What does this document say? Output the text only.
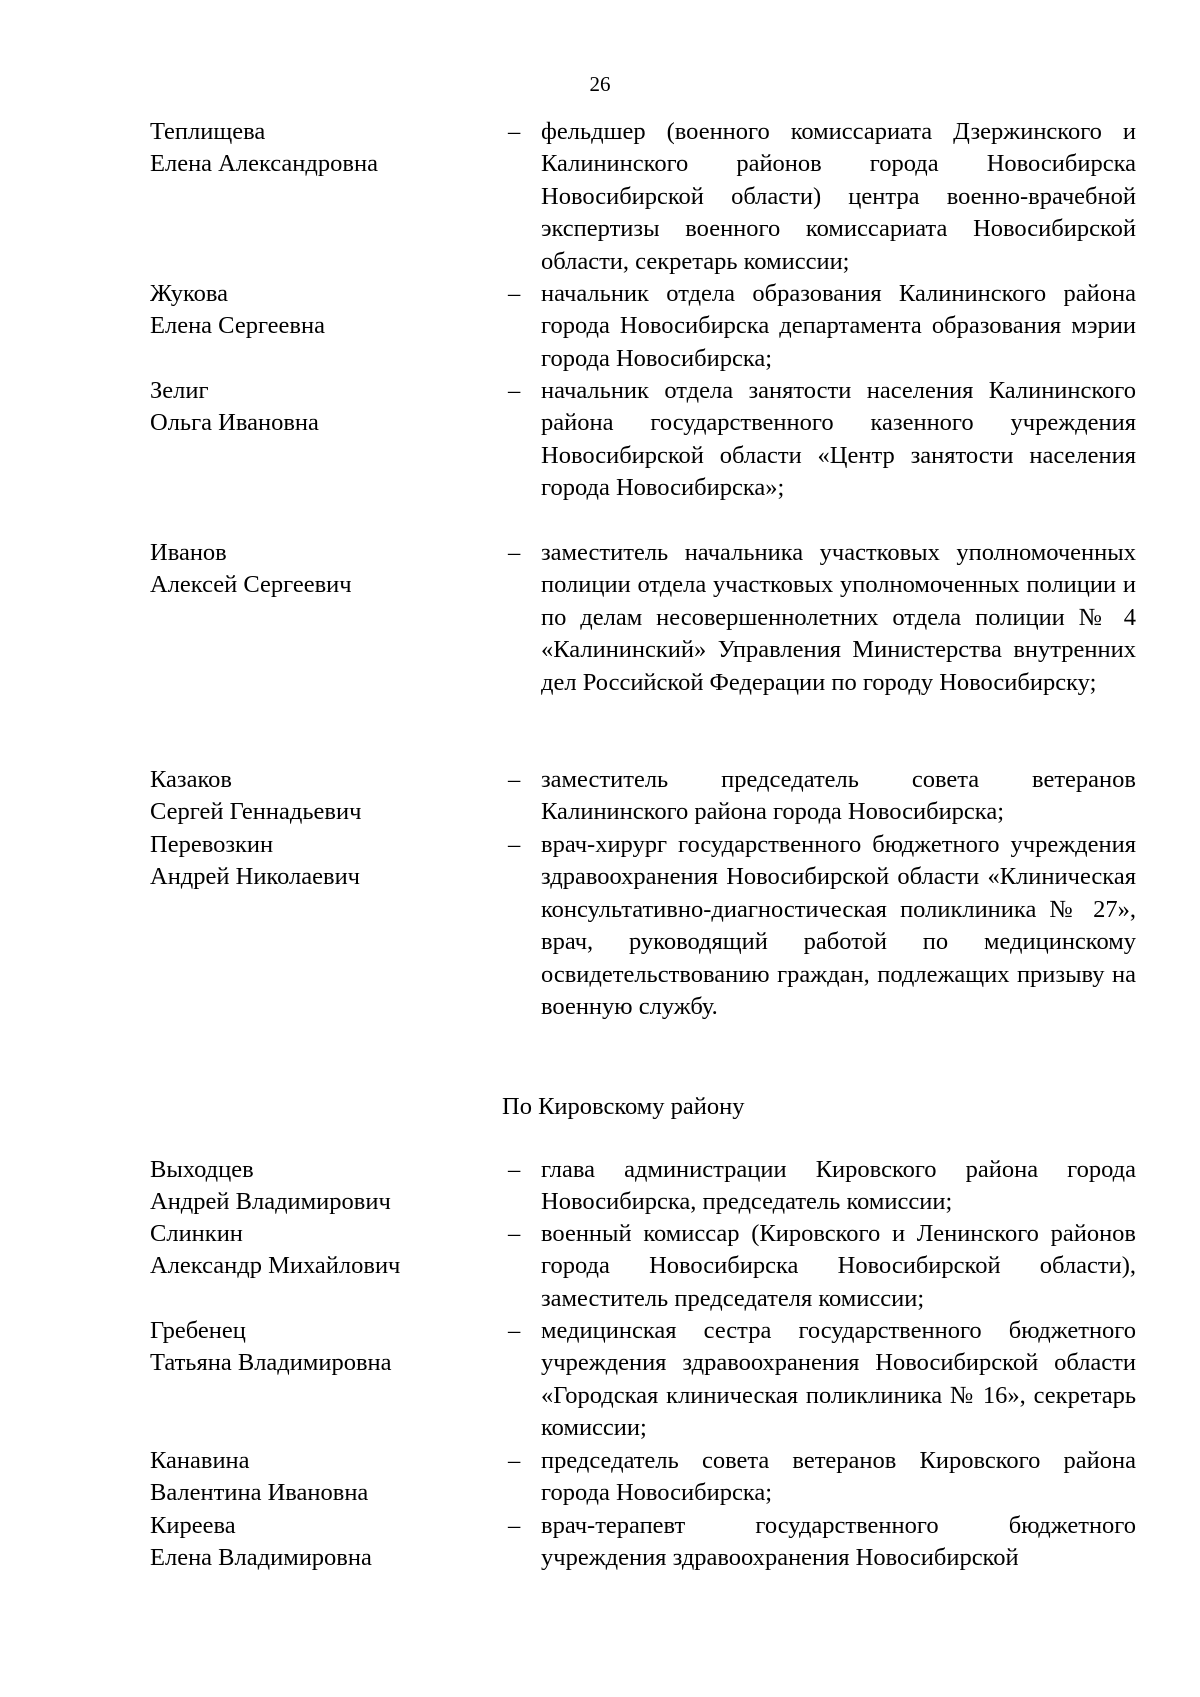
26
Теплищева
Елена Александровна
– фельдшер (военного комиссариата Дзержинского и Калининского районов города Новосибирска Новосибирской области) центра военно-врачебной экспертизы военного комиссариата Новосибирской области, секретарь комиссии;
Жукова
Елена Сергеевна
– начальник отдела образования Калининского района города Новосибирска департамента образования мэрии города Новосибирска;
Зелиг
Ольга Ивановна
– начальник отдела занятости населения Калининского района государственного казенного учреждения Новосибирской области «Центр занятости населения города Новосибирска»;
Иванов
Алексей Сергеевич
– заместитель начальника участковых уполномоченных полиции отдела участковых уполномоченных полиции и по делам несовершеннолетних отдела полиции № 4 «Калининский» Управления Министерства внутренних дел Российской Федерации по городу Новосибирску;
Казаков
Сергей Геннадьевич
– заместитель председатель совета ветеранов Калининского района города Новосибирска;
Перевозкин
Андрей Николаевич
– врач-хирург государственного бюджетного учреждения здравоохранения Новосибирской области «Клиническая консультативно-диагностическая поликлиника № 27», врач, руководящий работой по медицинскому освидетельствованию граждан, подлежащих призыву на военную службу.
По Кировскому району
Выходцев
Андрей Владимирович
– глава администрации Кировского района города Новосибирска, председатель комиссии;
Слинкин
Александр Михайлович
– военный комиссар (Кировского и Ленинского районов города Новосибирска Новосибирской области), заместитель председателя комиссии;
Гребенец
Татьяна Владимировна
– медицинская сестра государственного бюджетного учреждения здравоохранения Новосибирской области «Городская клиническая поликлиника № 16», секретарь комиссии;
Канавина
Валентина Ивановна
– председатель совета ветеранов Кировского района города Новосибирска;
Киреева
Елена Владимировна
– врач-терапевт государственного бюджетного учреждения здравоохранения Новосибирской
